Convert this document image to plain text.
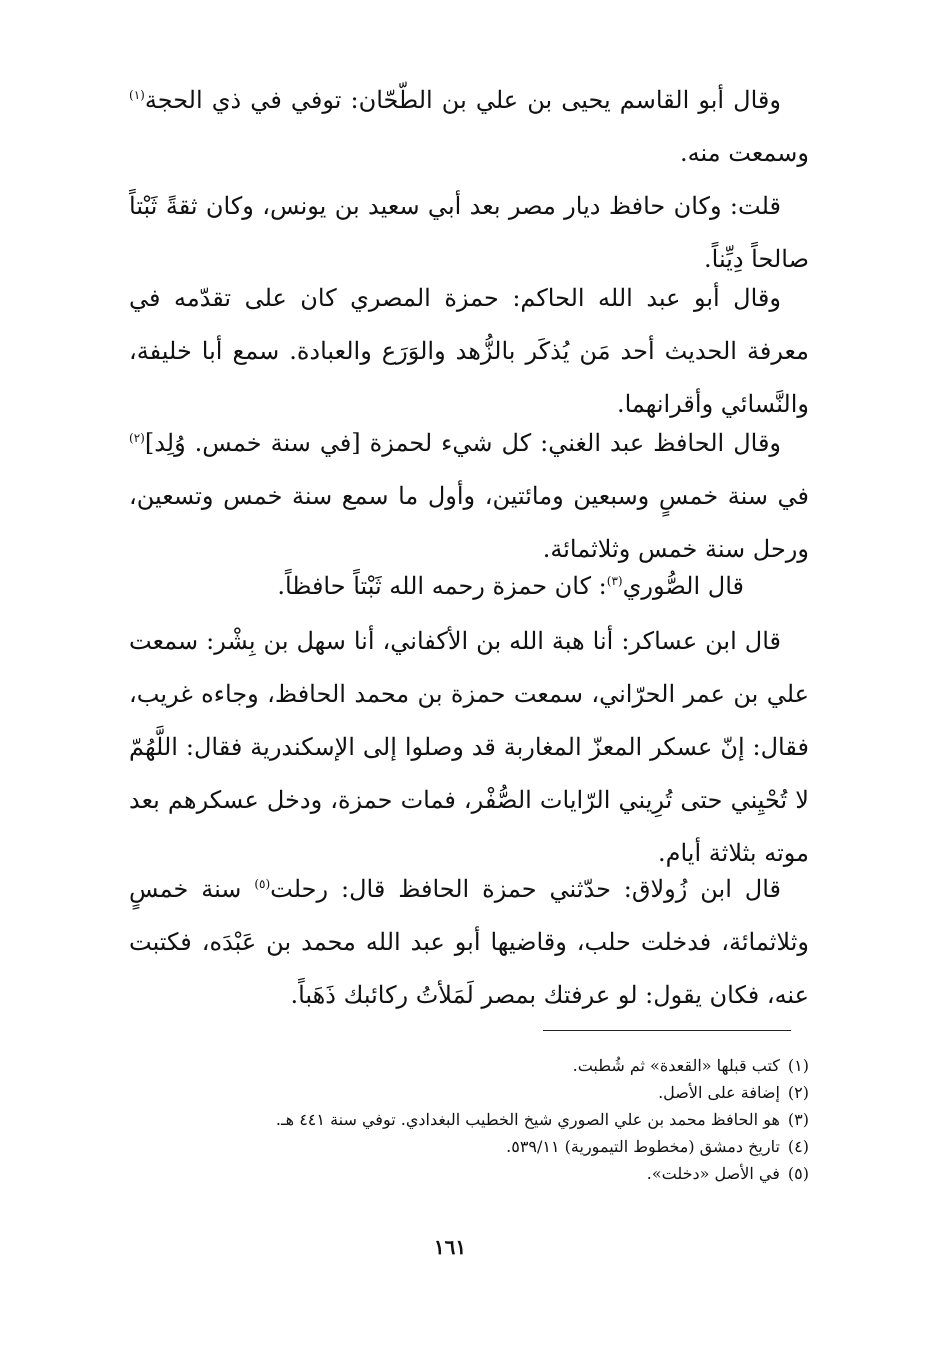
وقال أبو القاسم يحيى بن علي بن الطّحّان: توفي في ذي الحجة$^{(١)}$ وسمعت منه.

قلت: وكان حافظ ديار مصر بعد أبي سعيد بن يونس، وكان ثقةً ثَبْتاً صالحاً دِيِّناً.

وقال أبو عبد الله الحاكم: حمزة المصري كان على تقدّمه في معرفة الحديث أحد مَن يُذكَر بالزُّهد والوَرَع والعبادة. سمع أبا خليفة، والنَّسائي وأقرانهما.

وقال الحافظ عبد الغني: كل شيء لحمزة [في سنة خمس. وُلِد]$^{(٢)}$ في سنة خمسٍ وسبعين ومائتين، وأول ما سمع سنة خمس وتسعين، ورحل سنة خمس وثلاثمائة.

قال الصُّوري$^{(٣)}$: كان حمزة رحمه الله ثَبْتاً حافظاً.

قال ابن عساكر: أنا هبة الله بن الأكفاني، أنا سهل بن بِشْر: سمعت علي بن عمر الحرّاني، سمعت حمزة بن محمد الحافظ، وجاءه غريب، فقال: إنّ عسكر المعزّ المغاربة قد وصلوا إلى الإسكندرية فقال: اللَّهُمّ لا تُحْيِني حتى تُرِيني الرّايات الصُّفْر، فمات حمزة، ودخل عسكرهم بعد موته بثلاثة أيام.

قال ابن زُولاق: حدّثني حمزة الحافظ قال: رحلت$^{(٥)}$ سنة خمسٍ وثلاثمائة، فدخلت حلب، وقاضيها أبو عبد الله محمد بن عَبْدَه، فكتبت عنه، فكان يقول: لو عرفتك بمصر لَمَلأتُ ركائبك ذَهَباً.

(١)كتب قبلها «القعدة» ثم شُطبت.
(٢)إضافة على الأصل.
(٣)هو الحافظ محمد بن علي الصوري شيخ الخطيب البغدادي. توفي سنة ٤٤١ هـ.
(٤)تاريخ دمشق (مخطوط التيمورية) ٥٣٩/١١.
(٥)في الأصل «دخلت».
١٦١
